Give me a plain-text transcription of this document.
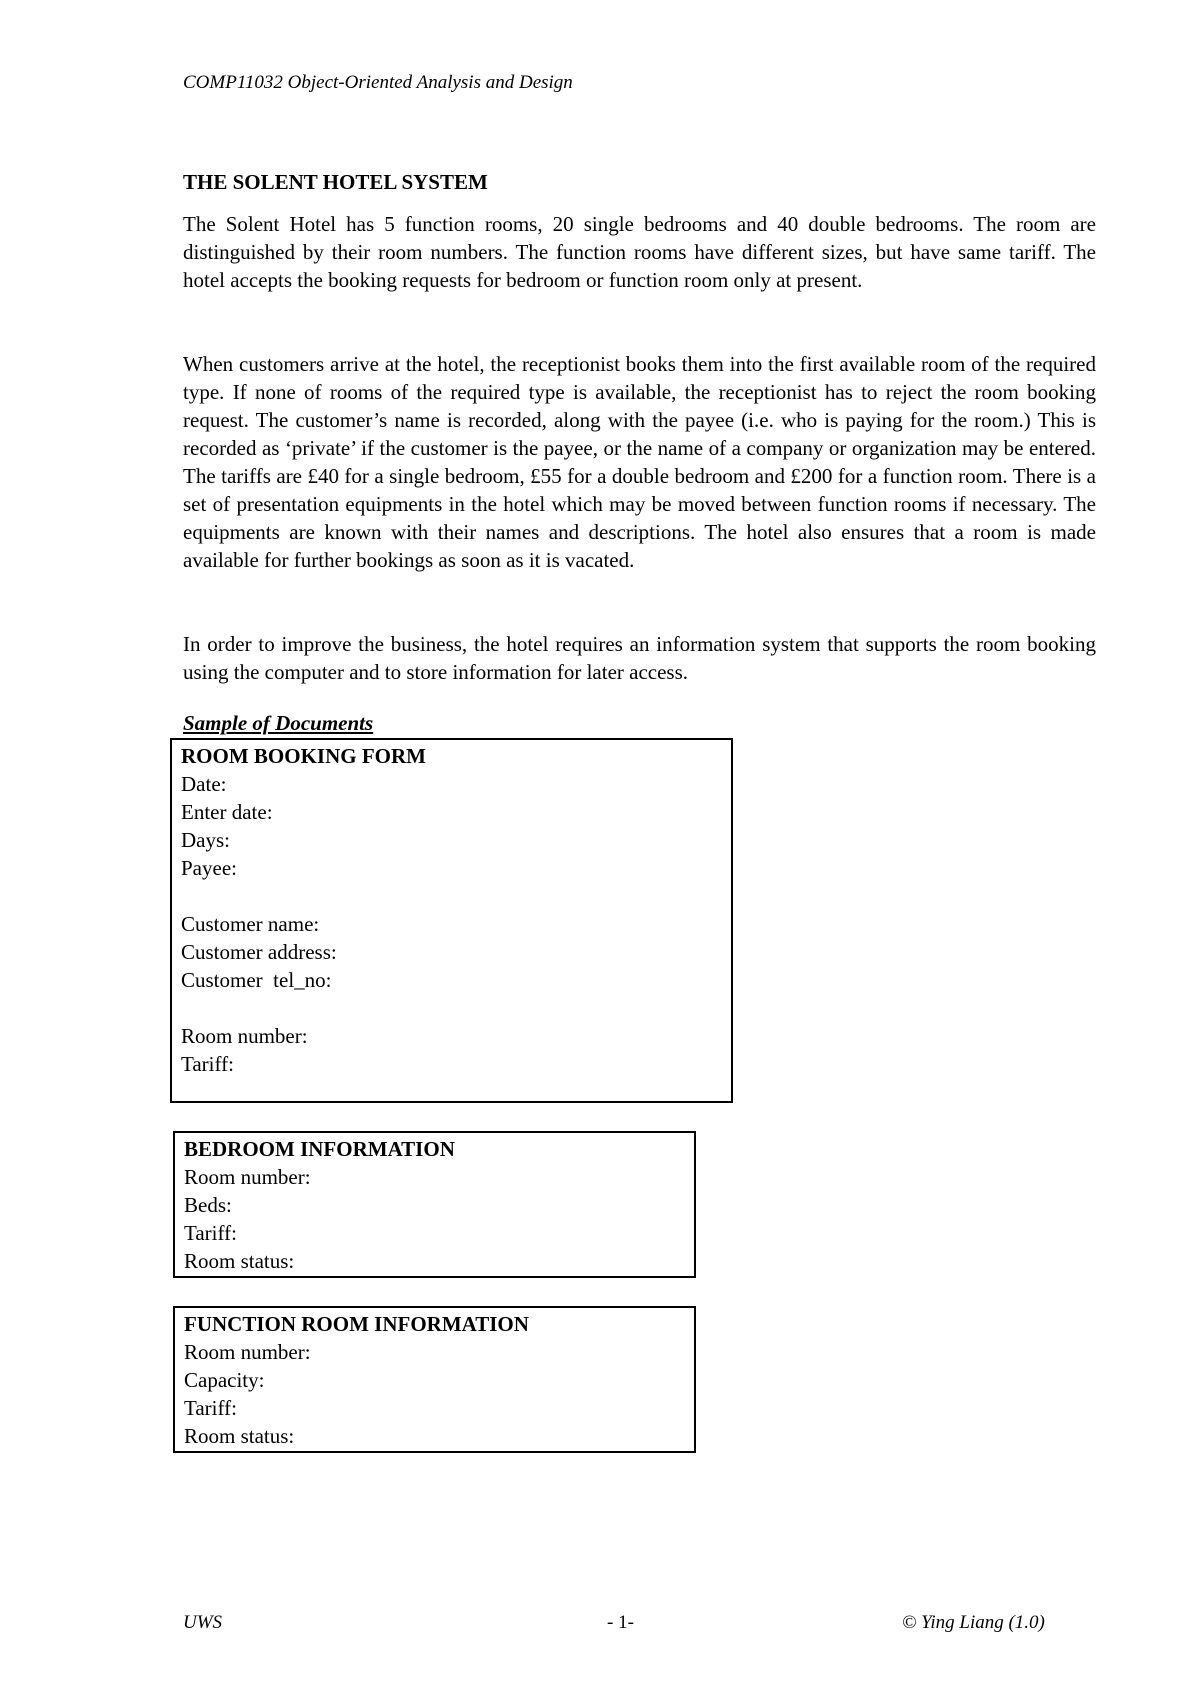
COMP11032 Object-Oriented Analysis and Design
THE SOLENT HOTEL SYSTEM
The Solent Hotel has 5 function rooms, 20 single bedrooms and 40 double bedrooms. The room are distinguished by their room numbers. The function rooms have different sizes, but have same tariff. The hotel accepts the booking requests for bedroom or function room only at present.
When customers arrive at the hotel, the receptionist books them into the first available room of the required type. If none of rooms of the required type is available, the receptionist has to reject the room booking request. The customer’s name is recorded, along with the payee (i.e. who is paying for the room.) This is recorded as ‘private’ if the customer is the payee, or the name of a company or organization may be entered. The tariffs are £40 for a single bedroom, £55 for a double bedroom and £200 for a function room. There is a set of presentation equipments in the hotel which may be moved between function rooms if necessary. The equipments are known with their names and descriptions. The hotel also ensures that a room is made available for further bookings as soon as it is vacated.
In order to improve the business, the hotel requires an information system that supports the room booking using the computer and to store information for later access.
Sample of Documents
ROOM BOOKING FORM
Date:
Enter date:
Days:
Payee:
Customer name:
Customer address:
Customer  tel_no:
Room number:
Tariff:
BEDROOM INFORMATION
Room number:
Beds:
Tariff:
Room status:
FUNCTION ROOM INFORMATION
Room number:
Capacity:
Tariff:
Room status:
UWS	- 1-	© Ying Liang (1.0)
